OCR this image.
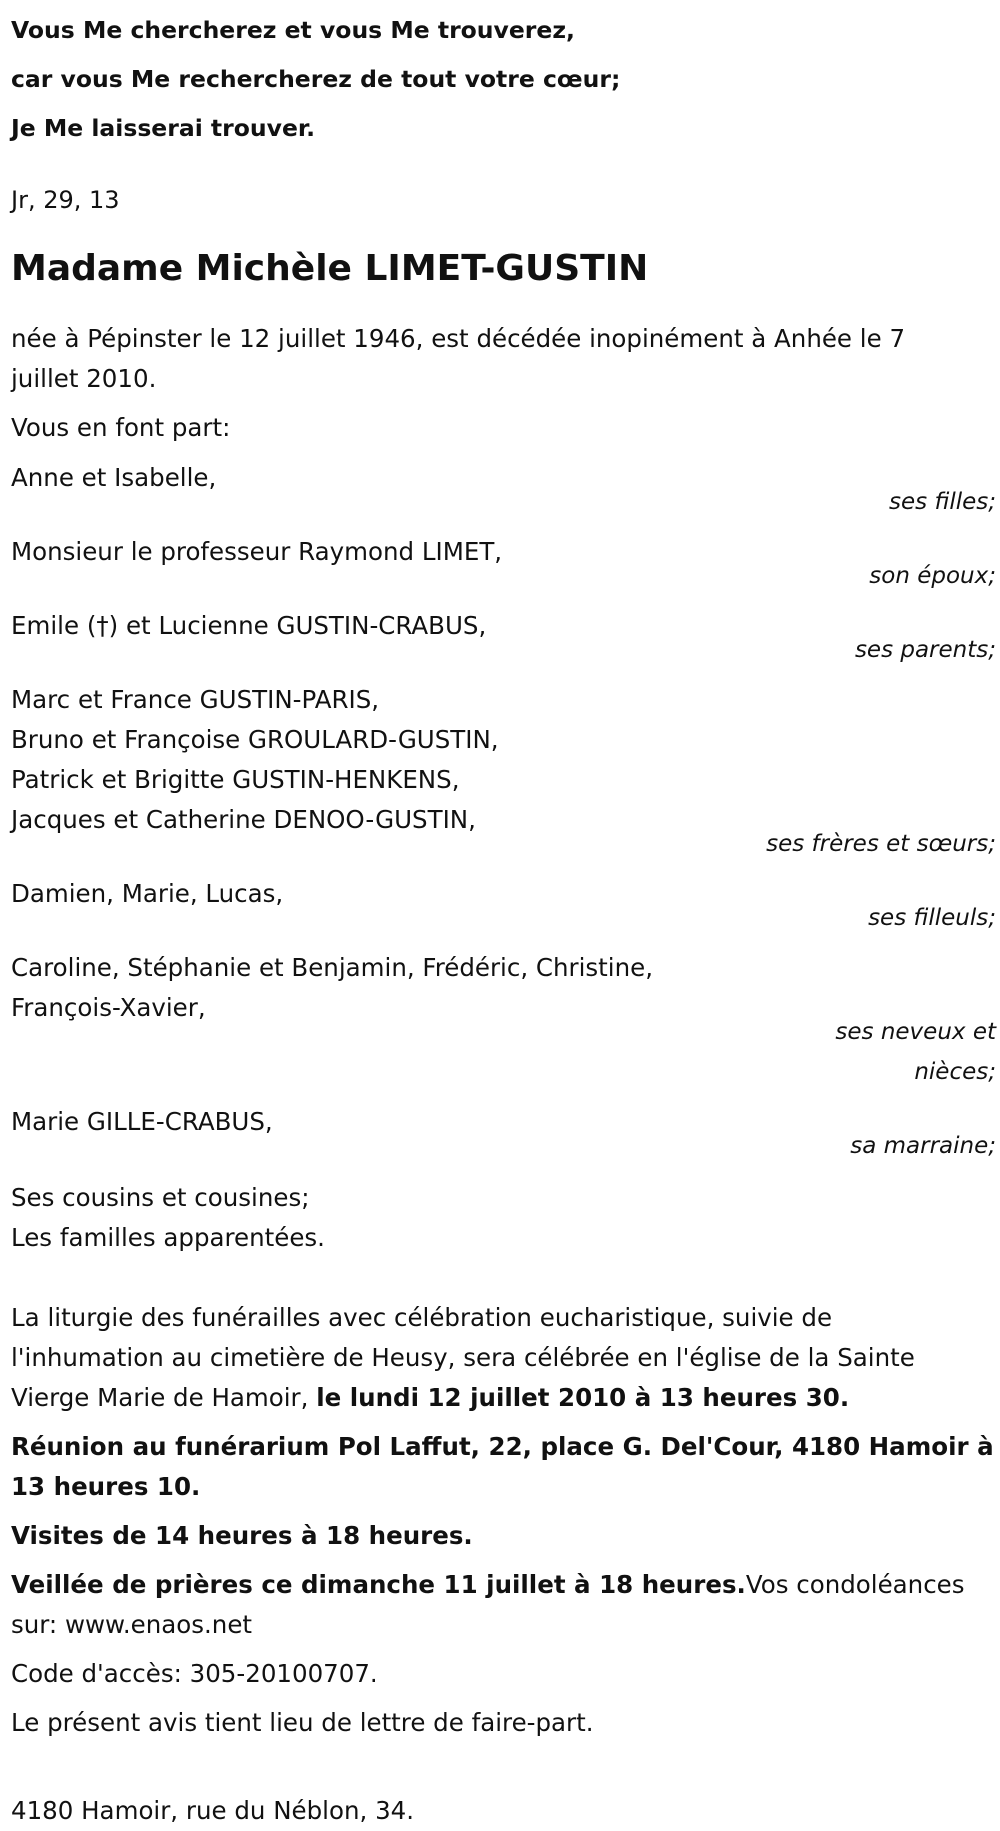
Vous Me chercherez et vous Me trouverez,
car vous Me rechercherez de tout votre cœur;
Je Me laisserai trouver.
Jr, 29, 13
Madame Michèle LIMET-GUSTIN
née à Pépinster le 12 juillet 1946, est décédée inopinément à Anhée le 7
juillet 2010.
Vous en font part:
Anne et Isabelle,
ses filles;
Monsieur le professeur Raymond LIMET,
son époux;
Emile (†) et Lucienne GUSTIN-CRABUS,
ses parents;
Marc et France GUSTIN-PARIS,
Bruno et Françoise GROULARD-GUSTIN,
Patrick et Brigitte GUSTIN-HENKENS,
Jacques et Catherine DENOO-GUSTIN,
ses frères et sœurs;
Damien, Marie, Lucas,
ses filleuls;
Caroline, Stéphanie et Benjamin, Frédéric, Christine,
François-Xavier,
ses neveux et
nièces;
Marie GILLE-CRABUS,
sa marraine;
Ses cousins et cousines;
Les familles apparentées.
La liturgie des funérailles avec célébration eucharistique, suivie de
l'inhumation au cimetière de Heusy, sera célébrée en l'église de la Sainte
Vierge Marie de Hamoir, le lundi 12 juillet 2010 à 13 heures 30.
Réunion au funérarium Pol Laffut, 22, place G. Del'Cour, 4180 Hamoir à
13 heures 10.
Visites de 14 heures à 18 heures.
Veillée de prières ce dimanche 11 juillet à 18 heures.Vos condoléances
sur: www.enaos.net
Code d'accès: 305-20100707.
Le présent avis tient lieu de lettre de faire-part.
4180 Hamoir, rue du Néblon, 34.
